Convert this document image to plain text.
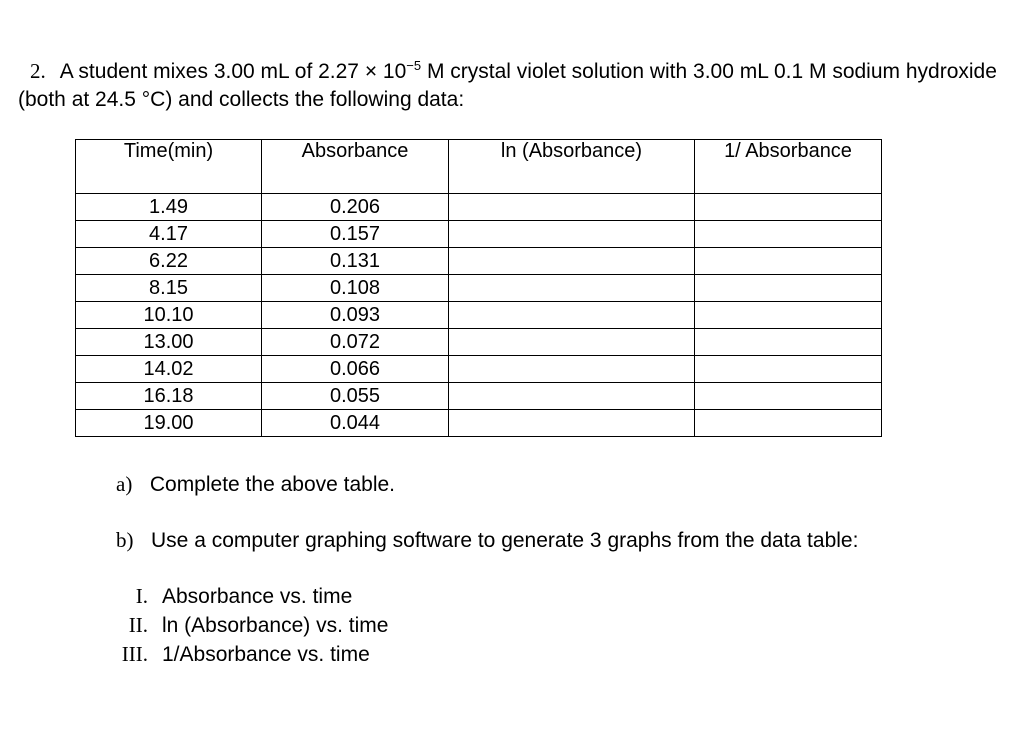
2. A student mixes 3.00 mL of $2.27 \times 10^{-5}$ M crystal violet solution with 3.00 mL 0.1 M sodium hydroxide (both at 24.5 °C) and collects the following data:
Time(min)	Absorbance	ln (Absorbance)	1/ Absorbance
1.49	0.206		
4.17	0.157		
6.22	0.131		
8.15	0.108		
10.10	0.093		
13.00	0.072		
14.02	0.066		
16.18	0.055		
19.00	0.044		
a) Complete the above table.
b) Use a computer graphing software to generate 3 graphs from the data table:
I. Absorbance vs. time
II. ln (Absorbance) vs. time
III. 1/Absorbance vs. time
